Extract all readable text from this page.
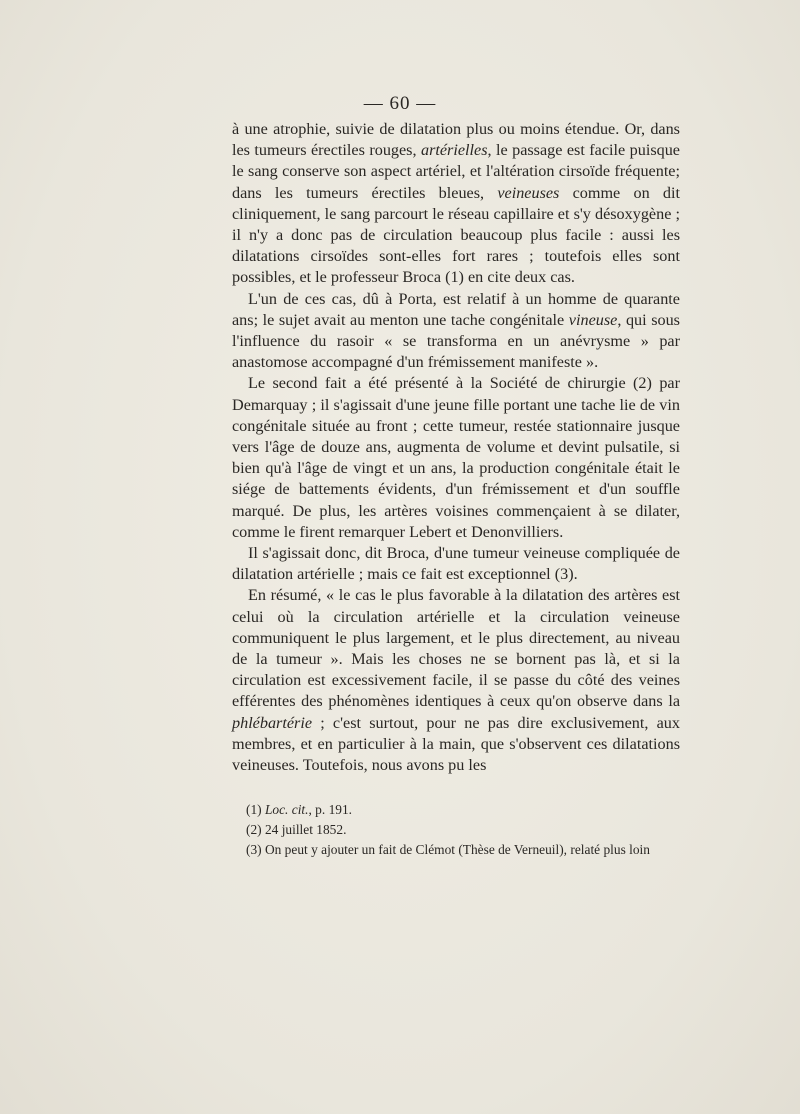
— 60 —

à une atrophie, suivie de dilatation plus ou moins étendue. Or, dans les tumeurs érectiles rouges, artérielles, le passage est facile puisque le sang conserve son aspect artériel, et l'altération cirsoïde fréquente; dans les tumeurs érectiles bleues, veineuses comme on dit cliniquement, le sang parcourt le réseau capillaire et s'y désoxygène ; il n'y a donc pas de circulation beaucoup plus facile : aussi les dilatations cirsoïdes sont-elles fort rares ; toutefois elles sont possibles, et le professeur Broca (1) en cite deux cas.

L'un de ces cas, dû à Porta, est relatif à un homme de quarante ans; le sujet avait au menton une tache congénitale vineuse, qui sous l'influence du rasoir « se transforma en un anévrysme » par anastomose accompagné d'un frémissement manifeste ».

Le second fait a été présenté à la Société de chirurgie (2) par Demarquay ; il s'agissait d'une jeune fille portant une tache lie de vin congénitale située au front ; cette tumeur, restée stationnaire jusque vers l'âge de douze ans, augmenta de volume et devint pulsatile, si bien qu'à l'âge de vingt et un ans, la production congénitale était le siége de battements évidents, d'un frémissement et d'un souffle marqué. De plus, les artères voisines commençaient à se dilater, comme le firent remarquer Lebert et Denonvilliers.

Il s'agissait donc, dit Broca, d'une tumeur veineuse compliquée de dilatation artérielle ; mais ce fait est exceptionnel (3).

En résumé, « le cas le plus favorable à la dilatation des artères est celui où la circulation artérielle et la circulation veineuse communiquent le plus largement, et le plus directement, au niveau de la tumeur ». Mais les choses ne se bornent pas là, et si la circulation est excessivement facile, il se passe du côté des veines efférentes des phénomènes identiques à ceux qu'on observe dans la phlébartérie ; c'est surtout, pour ne pas dire exclusivement, aux membres, et en particulier à la main, que s'observent ces dilatations veineuses. Toutefois, nous avons pu les

(1) Loc. cit., p. 191.
(2) 24 juillet 1852.
(3) On peut y ajouter un fait de Clémot (Thèse de Verneuil), relaté plus loin
